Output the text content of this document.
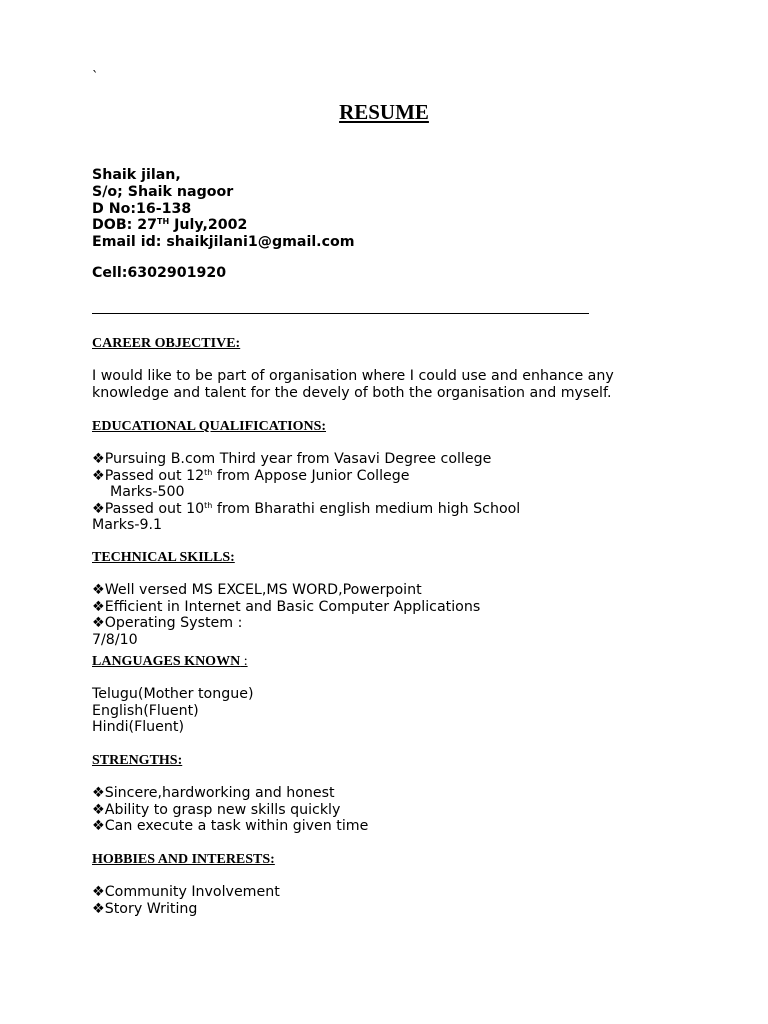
`
RESUME
Shaik jilan,
S/o; Shaik nagoor
D No:16-138
DOB: 27TH July,2002
Email id: shaikjilani1@gmail.com
Cell:6302901920
CAREER OBJECTIVE:
I would like to be part of organisation where I could use and enhance any knowledge and talent for the devely of both the organisation and myself.
EDUCATIONAL QUALIFICATIONS:
❖ Pursuing B.com Third year from Vasavi Degree college
❖ Passed out 12th from Appose Junior College
Marks-500
❖ Passed out 10th from Bharathi english medium high School
Marks-9.1
TECHNICAL SKILLS:
❖ Well versed MS EXCEL,MS WORD,Powerpoint
❖ Efficient in Internet and Basic Computer Applications
❖ Operating System :
7/8/10
LANGUAGES KNOWN :
Telugu(Mother tongue)
English(Fluent)
Hindi(Fluent)
STRENGTHS:
❖ Sincere,hardworking and honest
❖ Ability to grasp new skills quickly
❖ Can execute a task within given time
HOBBIES AND INTERESTS:
❖ Community Involvement
❖ Story Writing
